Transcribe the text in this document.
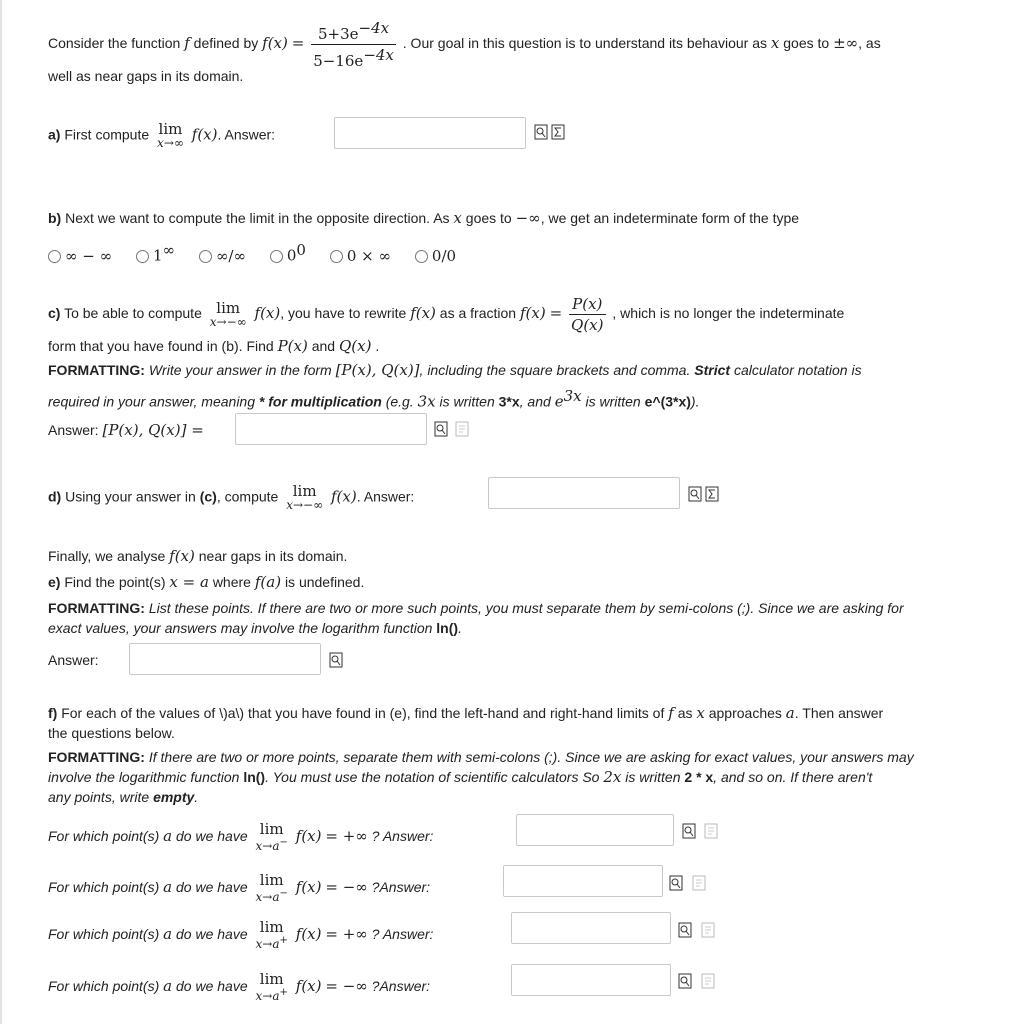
Consider the function f defined by $f(x) = \frac{5+3e^{-4x}}{5-16e^{-4x}}$ . Our goal in this question is to understand its behaviour as x goes to ±∞, as
well as near gaps in its domain.
a) First compute lim
x→∞ f(x). Answer:
b) Next we want to compute the limit in the opposite direction. As x goes to −∞, we get an indeterminate form of the type
∞ − ∞	1∞	∞/∞	$0^0$	0 × ∞	0/0
c) To be able to compute lim
x→−∞ f(x), you have to rewrite f(x) as a fraction $f(x) = \frac{P(x)}{Q(x)}$ , which is no longer the indeterminate
form that you have found in (b). Find P(x) and Q(x) .
FORMATTING: Write your answer in the form [P(x), Q(x)], including the square brackets and comma. Strict calculator notation is
required in your answer, meaning * for multiplication (e.g. 3x is written 3*x, and $e^{3x}$ is written e^(3*x)).
Answer: [P(x), Q(x)] =
d) Using your answer in (c), compute lim
x→−∞ f(x). Answer:
Finally, we analyse f(x) near gaps in its domain.
e) Find the point(s) x = a where f(a) is undefined.
FORMATTING: List these points. If there are two or more such points, you must separate them by semi-colons (;). Since we are asking for
exact values, your answers may involve the logarithm function ln().
Answer:
f) For each of the values of \)a\) that you have found in (e), find the left-hand and right-hand limits of f as x approaches a. Then answer
the questions below.
FORMATTING: If there are two or more points, separate them with semi-colons (;). Since we are asking for exact values, your answers may
involve the logarithmic function ln(). You must use the notation of scientific calculators So 2x is written 2 * x, and so on. If there aren't
any points, write empty.
For which point(s) a do we have lim
x→a− f(x) = +∞ ? Answer:
For which point(s) a do we have lim
x→a− f(x) = −∞ ?Answer:
For which point(s) a do we have lim
x→a+ f(x) = +∞ ? Answer:
For which point(s) a do we have lim
x→a+ f(x) = −∞ ?Answer:
